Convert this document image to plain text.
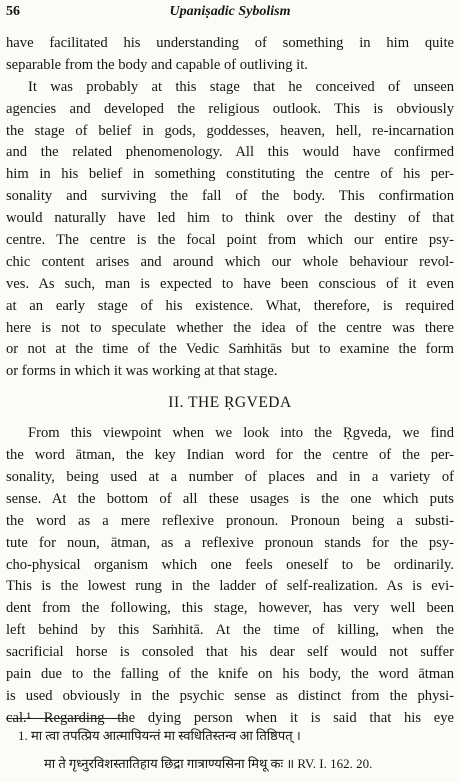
56	Upaniṣadic Sybolism
have facilitated his understanding of something in him quite
separable from the body and capable of outliving it.
It was probably at this stage that he conceived of unseen
agencies and developed the religious outlook. This is obviously
the stage of belief in gods, goddesses, heaven, hell, re-incarnation
and the related phenomenology. All this would have confirmed
him in his belief in something constituting the centre of his per-
sonality and surviving the fall of the body. This confirmation
would naturally have led him to think over the destiny of that
centre. The centre is the focal point from which our entire psy-
chic content arises and around which our whole behaviour revol-
ves. As such, man is expected to have been conscious of it even
at an early stage of his existence. What, therefore, is required
here is not to speculate whether the idea of the centre was there
or not at the time of the Vedic Saṁhitās but to examine the form
or forms in which it was working at that stage.
II. THE ṚGVEDA
From this viewpoint when we look into the Ṛgveda, we find
the word ātman, the key Indian word for the centre of the per-
sonality, being used at a number of places and in a variety of
sense. At the bottom of all these usages is the one which puts
the word as a mere reflexive pronoun. Pronoun being a substi-
tute for noun, ātman, as a reflexive pronoun stands for the psy-
cho-physical organism which one feels oneself to be ordinarily.
This is the lowest rung in the ladder of self-realization. As is evi-
dent from the following, this stage, however, has very well been
left behind by this Saṁhitā. At the time of killing, when the
sacrificial horse is consoled that his dear self would not suffer
pain due to the falling of the knife on his body, the word ātman
is used obviously in the psychic sense as distinct from the physi-
cal.¹ Regarding the dying person when it is said that his eye
1. मा त्वा तपत्प्रिय आत्मापियन्तं मा स्वधितिस्तन्व आ तिष्ठिपत् ।
मा ते गृध्नुरविशस्तातिहाय छिद्रा गात्राण्यसिना मिथू कः ॥ RV. I. 162. 20.
